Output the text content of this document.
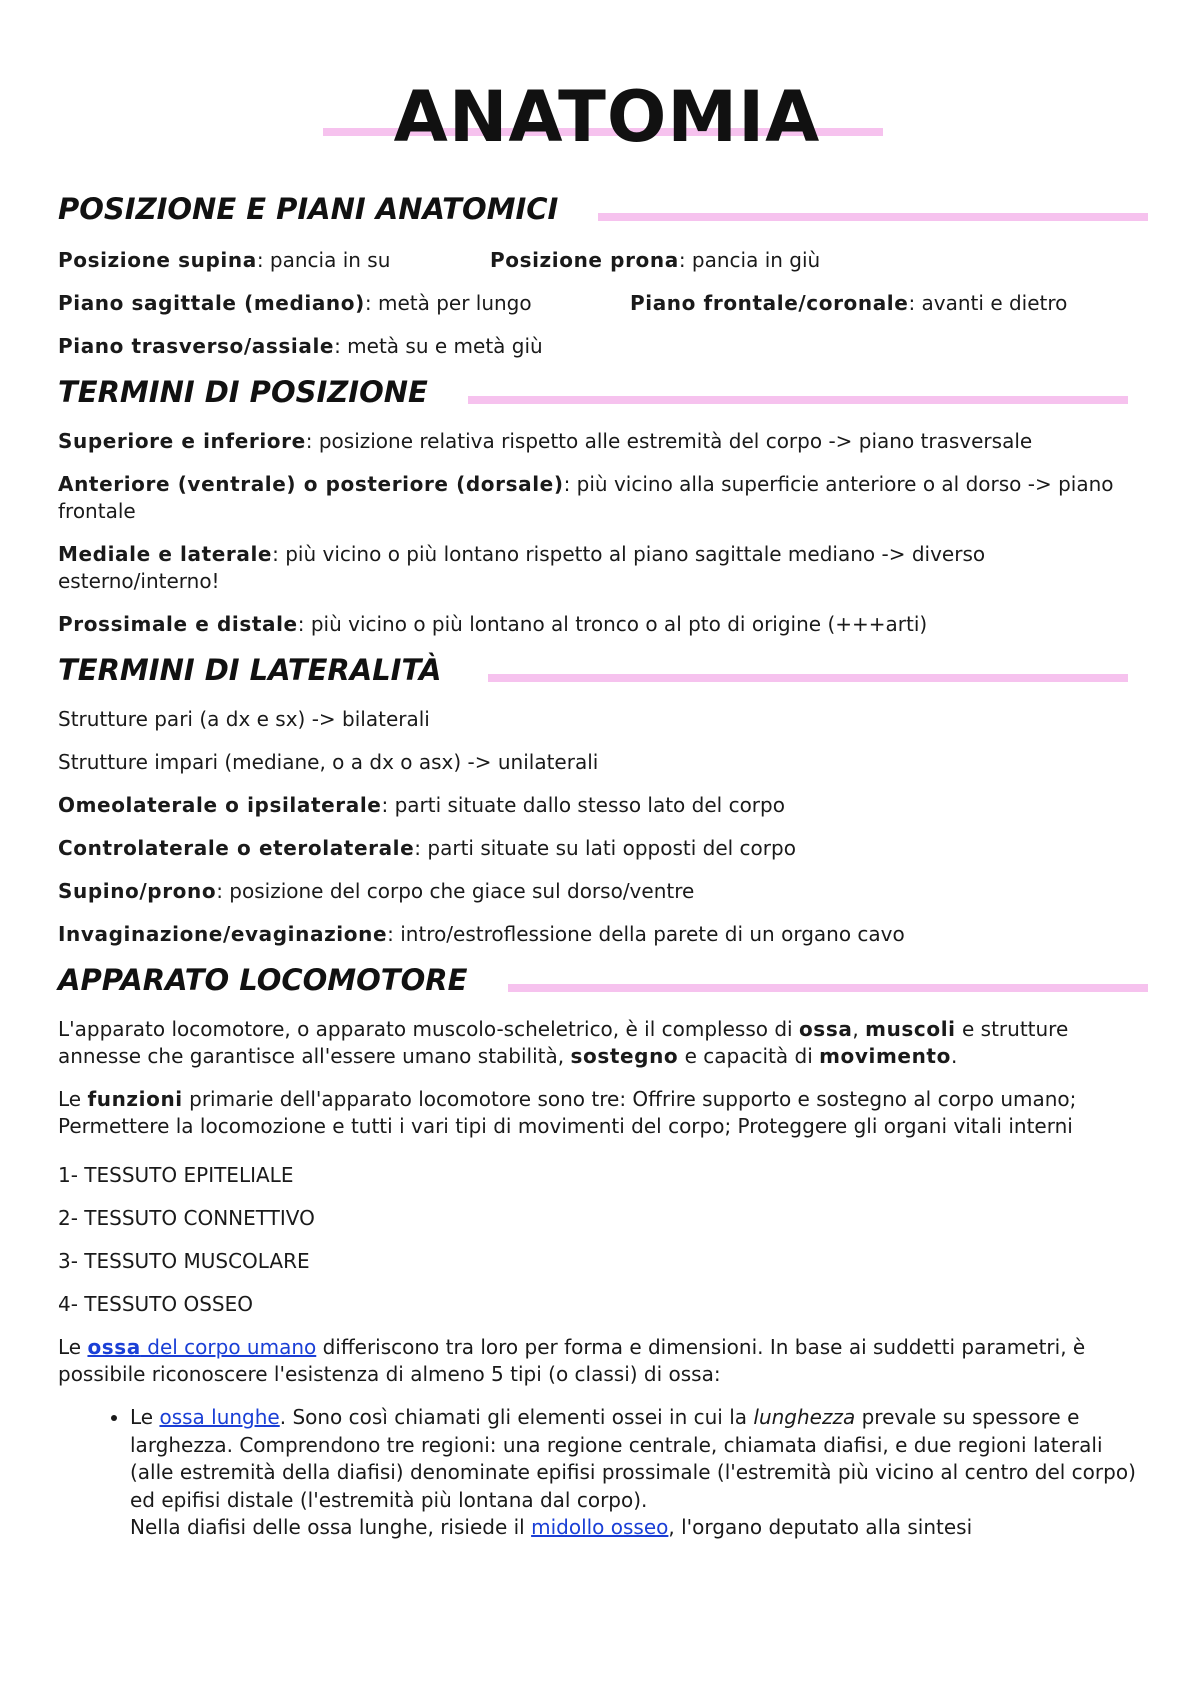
ANATOMIA
POSIZIONE E PIANI ANATOMICI
Posizione supina: pancia in su	Posizione prona: pancia in giù
Piano sagittale (mediano): metà per lungo	Piano frontale/coronale: avanti e dietro

Piano trasverso/assiale: metà su e metà giù

TERMINI DI POSIZIONE

Superiore e inferiore: posizione relativa rispetto alle estremità del corpo -> piano trasversale

Anteriore (ventrale) o posteriore (dorsale): più vicino alla superficie anteriore o al dorso -> piano frontale

Mediale e laterale: più vicino o più lontano rispetto al piano sagittale mediano -> diverso esterno/interno!

Prossimale e distale: più vicino o più lontano al tronco o al pto di origine (+++arti)

TERMINI DI LATERALITÀ

Strutture pari (a dx e sx) -> bilaterali

Strutture impari (mediane, o a dx o asx) -> unilaterali

Omeolaterale o ipsilaterale: parti situate dallo stesso lato del corpo

Controlaterale o eterolaterale: parti situate su lati opposti del corpo

Supino/prono: posizione del corpo che giace sul dorso/ventre

Invaginazione/evaginazione: intro/estroflessione della parete di un organo cavo

APPARATO LOCOMOTORE

L'apparato locomotore, o apparato muscolo-scheletrico, è il complesso di ossa, muscoli e strutture annesse che garantisce all'essere umano stabilità, sostegno e capacità di movimento.

Le funzioni primarie dell'apparato locomotore sono tre: Offrire supporto e sostegno al corpo umano; Permettere la locomozione e tutti i vari tipi di movimenti del corpo; Proteggere gli organi vitali interni

1- TESSUTO EPITELIALE

2- TESSUTO CONNETTIVO

3- TESSUTO MUSCOLARE

4- TESSUTO OSSEO

Le ossa del corpo umano differiscono tra loro per forma e dimensioni. In base ai suddetti parametri, è possibile riconoscere l'esistenza di almeno 5 tipi (o classi) di ossa:

• Le ossa lunghe. Sono così chiamati gli elementi ossei in cui la lunghezza prevale su spessore e larghezza. Comprendono tre regioni: una regione centrale, chiamata diafisi, e due regioni laterali (alle estremità della diafisi) denominate epifisi prossimale (l'estremità più vicino al centro del corpo) ed epifisi distale (l'estremità più lontana dal corpo).
Nella diafisi delle ossa lunghe, risiede il midollo osseo, l'organo deputato alla sintesi
